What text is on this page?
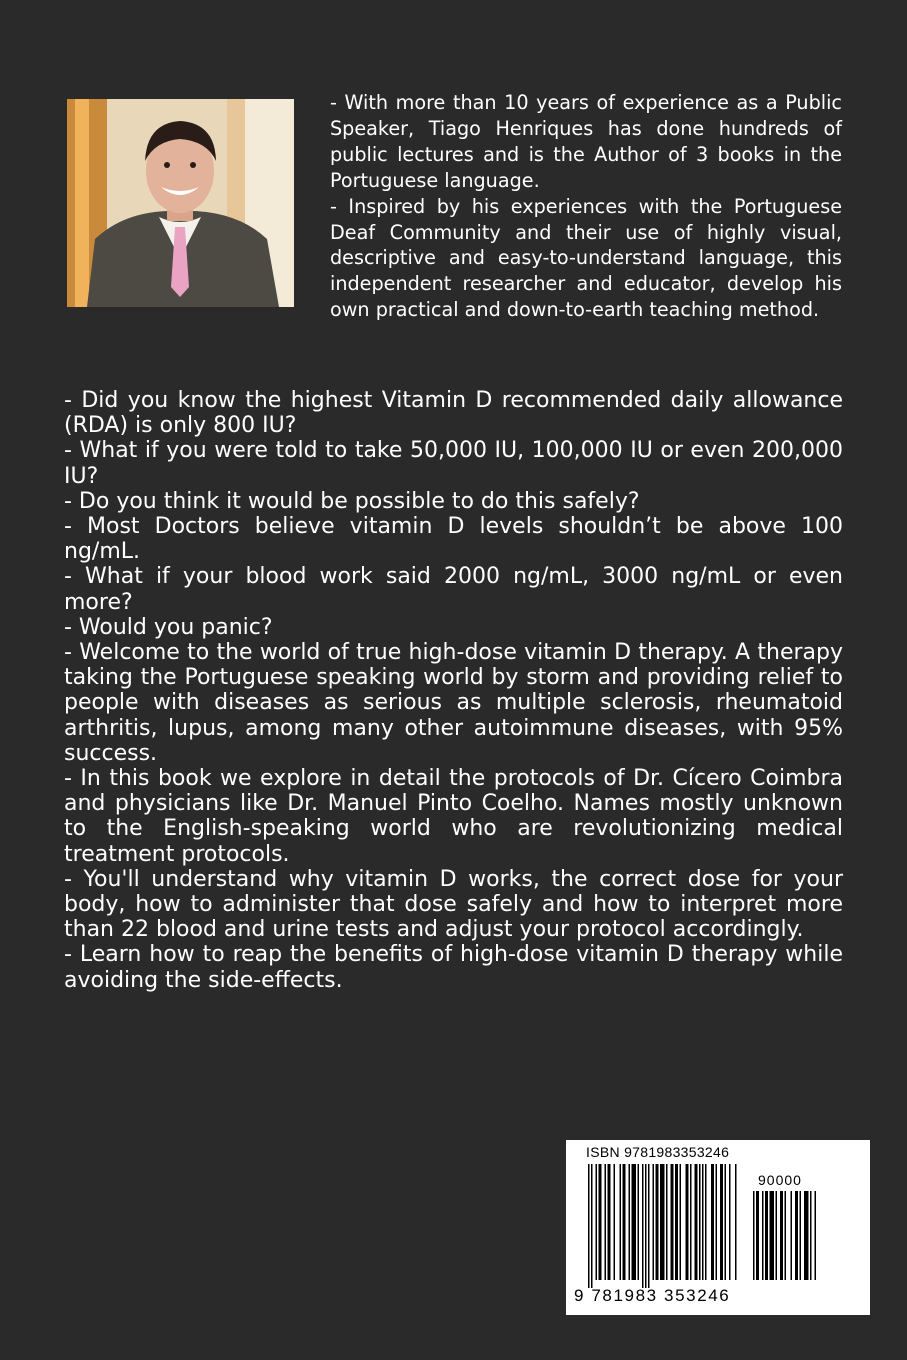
- With more than 10 years of experience as a Public Speaker, Tiago Henriques has done hundreds of public lectures and is the Author of 3 books in the Portuguese language.

- Inspired by his experiences with the Portuguese Deaf Community and their use of highly visual, descriptive and easy-to-understand language, this independent researcher and educator, develop his own practical and down-to-earth teaching method.

- Did you know the highest Vitamin D recommended daily allowance (RDA) is only 800 IU?

- What if you were told to take 50,000 IU, 100,000 IU or even 200,000 IU?

- Do you think it would be possible to do this safely?

- Most Doctors believe vitamin D levels shouldn’t be above 100 ng/mL.

- What if your blood work said 2000 ng/mL, 3000 ng/mL or even more?

- Would you panic?

- Welcome to the world of true high-dose vitamin D therapy. A therapy taking the Portuguese speaking world by storm and providing relief to people with diseases as serious as multiple sclerosis, rheumatoid arthritis, lupus, among many other autoimmune diseases, with 95% success.

- In this book we explore in detail the protocols of Dr. Cícero Coimbra and physicians like Dr. Manuel Pinto Coelho. Names mostly unknown to the English-speaking world who are revolutionizing medical treatment protocols.

- You'll understand why vitamin D works, the correct dose for your body, how to administer that dose safely and how to interpret more than 22 blood and urine tests and adjust your protocol accordingly.

- Learn how to reap the benefits of high-dose vitamin D therapy while avoiding the side-effects.

ISBN 9781983353246
90000
9 781983 353246
